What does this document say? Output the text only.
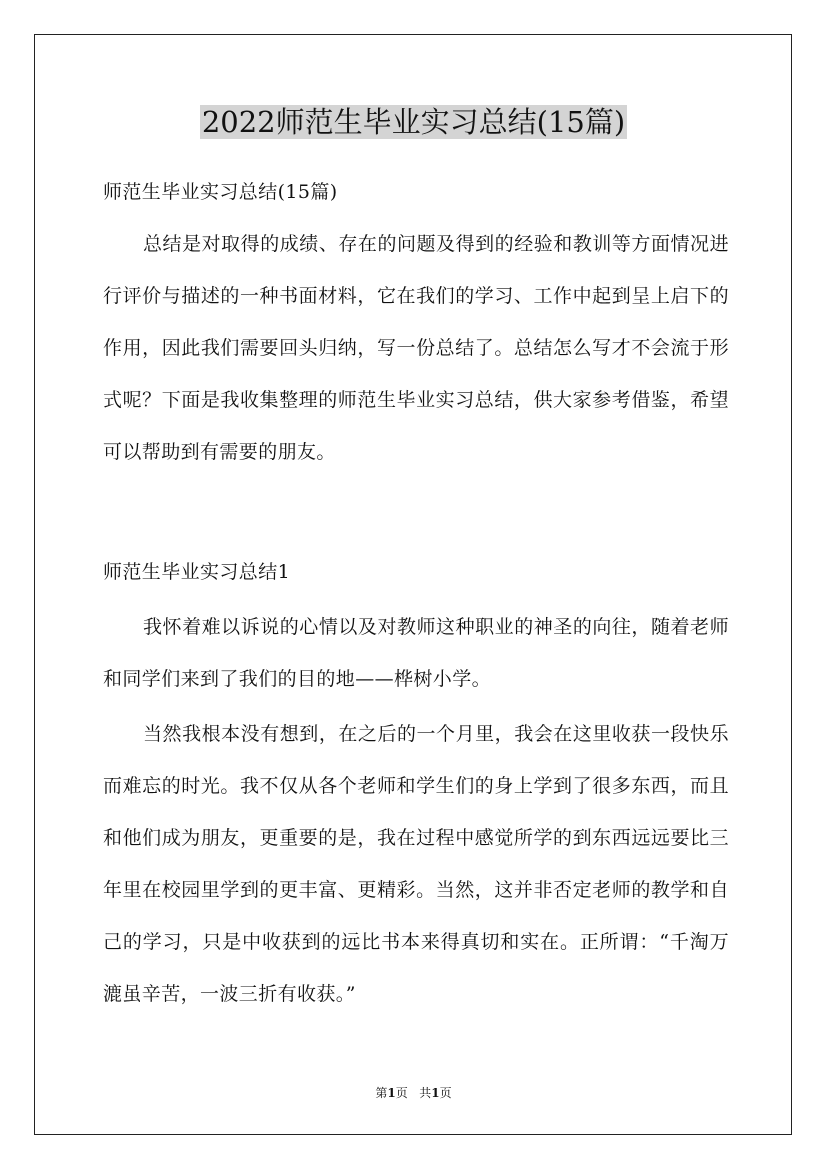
2022师范生毕业实习总结(15篇)

师范生毕业实习总结(15篇)

总结是对取得的成绩、存在的问题及得到的经验和教训等方面情况进行评价与描述的一种书面材料，它在我们的学习、工作中起到呈上启下的作用，因此我们需要回头归纳，写一份总结了。总结怎么写才不会流于形式呢？下面是我收集整理的师范生毕业实习总结，供大家参考借鉴，希望可以帮助到有需要的朋友。

师范生毕业实习总结1

我怀着难以诉说的心情以及对教师这种职业的神圣的向往，随着老师和同学们来到了我们的目的地——桦树小学。

当然我根本没有想到，在之后的一个月里，我会在这里收获一段快乐而难忘的时光。我不仅从各个老师和学生们的身上学到了很多东西，而且和他们成为朋友，更重要的是，我在过程中感觉所学的到东西远远要比三年里在校园里学到的更丰富、更精彩。当然，这并非否定老师的教学和自己的学习，只是中收获到的远比书本来得真切和实在。正所谓：“千淘万漉虽辛苦，一波三折有收获。”

第1页 共1页
